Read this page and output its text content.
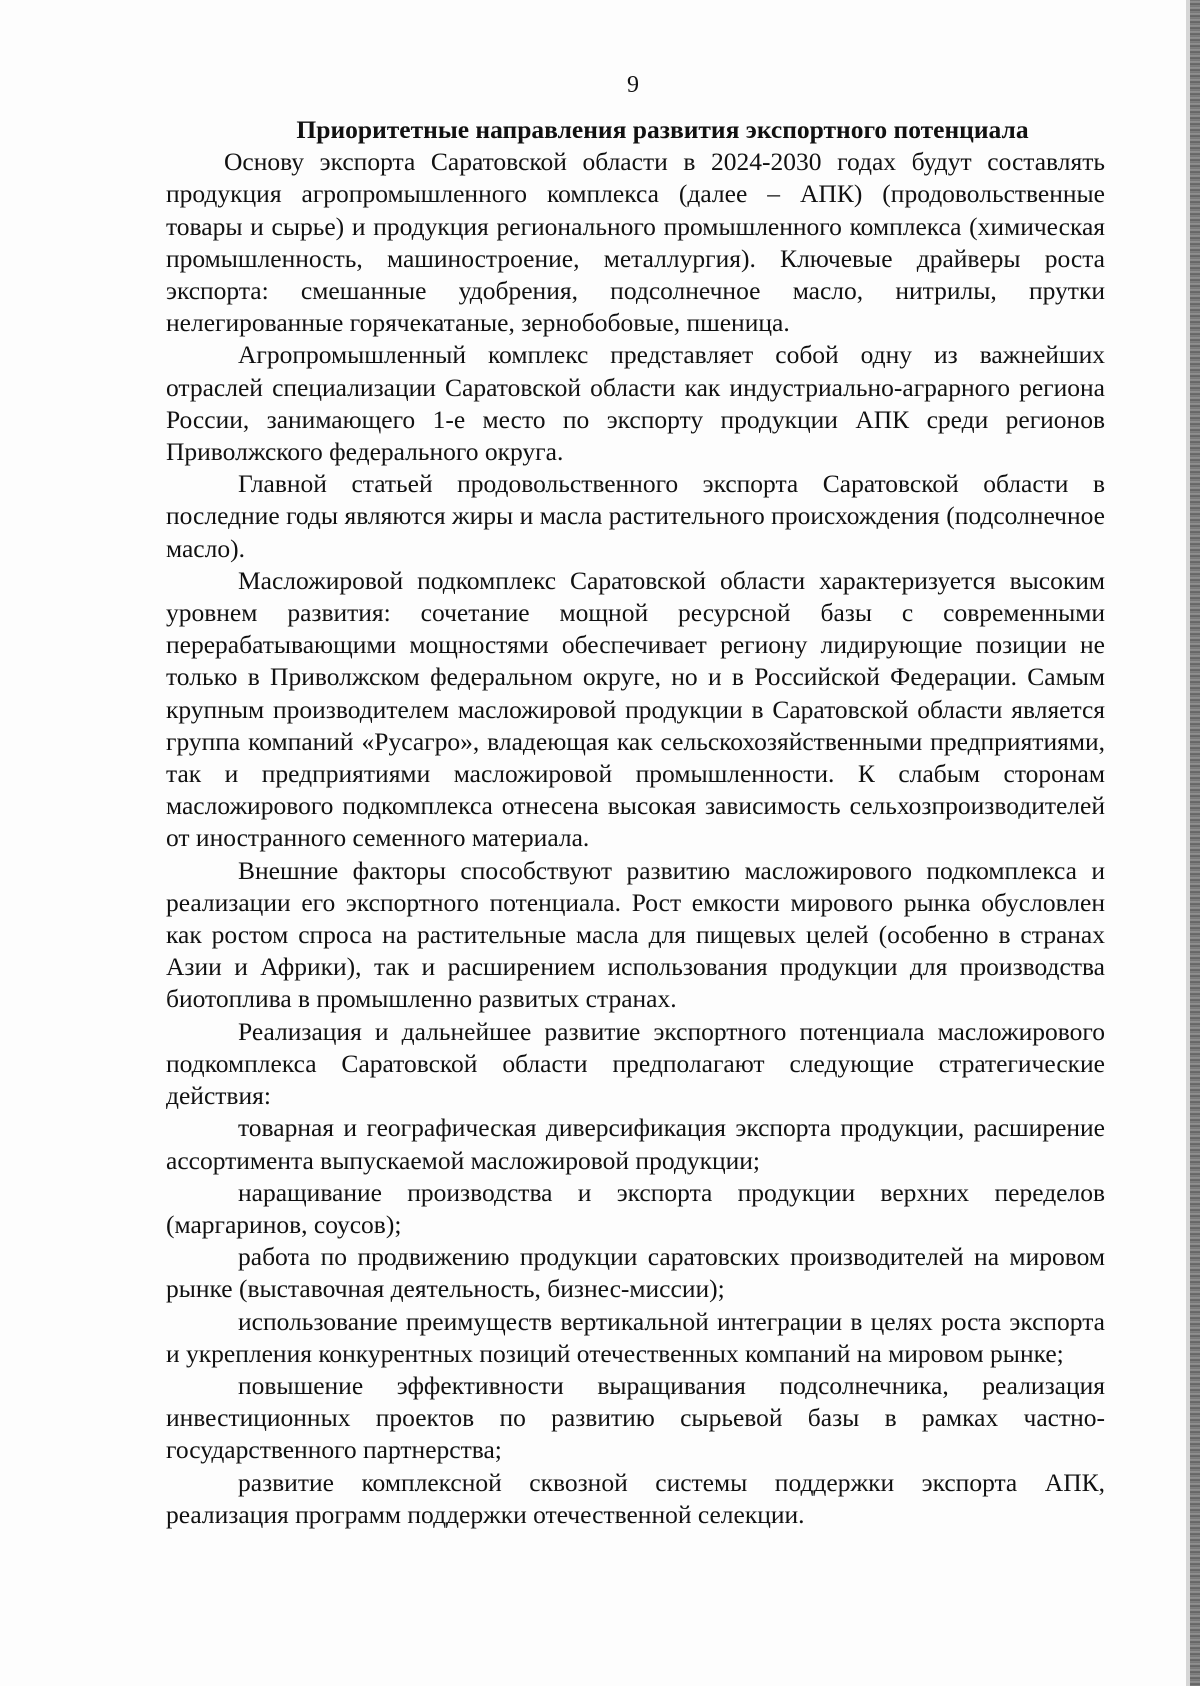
9
Приоритетные направления развития экспортного потенциала

Основу экспорта Саратовской области в 2024-2030 годах будут составлять продукция агропромышленного комплекса (далее – АПК) (продовольственные товары и сырье) и продукция регионального промышленного комплекса (химическая промышленность, машиностроение, металлургия). Ключевые драйверы роста экспорта: смешанные удобрения, подсолнечное масло, нитрилы, прутки нелегированные горячекатаные, зернобобовые, пшеница.

Агропромышленный комплекс представляет собой одну из важнейших отраслей специализации Саратовской области как индустриально-аграрного региона России, занимающего 1-е место по экспорту продукции АПК среди регионов Приволжского федерального округа.

Главной статьей продовольственного экспорта Саратовской области в последние годы являются жиры и масла растительного происхождения (подсолнечное масло).

Масложировой подкомплекс Саратовской области характеризуется высоким уровнем развития: сочетание мощной ресурсной базы с современными перерабатывающими мощностями обеспечивает региону лидирующие позиции не только в Приволжском федеральном округе, но и в Российской Федерации. Самым крупным производителем масложировой продукции в Саратовской области является группа компаний «Русагро», владеющая как сельскохозяйственными предприятиями, так и предприятиями масложировой промышленности. К слабым сторонам масложирового подкомплекса отнесена высокая зависимость сельхозпроизводителей от иностранного семенного материала.

Внешние факторы способствуют развитию масложирового подкомплекса и реализации его экспортного потенциала. Рост емкости мирового рынка обусловлен как ростом спроса на растительные масла для пищевых целей (особенно в странах Азии и Африки), так и расширением использования продукции для производства биотоплива в промышленно развитых странах.

Реализация и дальнейшее развитие экспортного потенциала масложирового подкомплекса Саратовской области предполагают следующие стратегические действия:

товарная и географическая диверсификация экспорта продукции, расширение ассортимента выпускаемой масложировой продукции;

наращивание производства и экспорта продукции верхних переделов (маргаринов, соусов);

работа по продвижению продукции саратовских производителей на мировом рынке (выставочная деятельность, бизнес-миссии);

использование преимуществ вертикальной интеграции в целях роста экспорта и укрепления конкурентных позиций отечественных компаний на мировом рынке;

повышение эффективности выращивания подсолнечника, реализация инвестиционных проектов по развитию сырьевой базы в рамках частно-государственного партнерства;

развитие комплексной сквозной системы поддержки экспорта АПК, реализация программ поддержки отечественной селекции.
